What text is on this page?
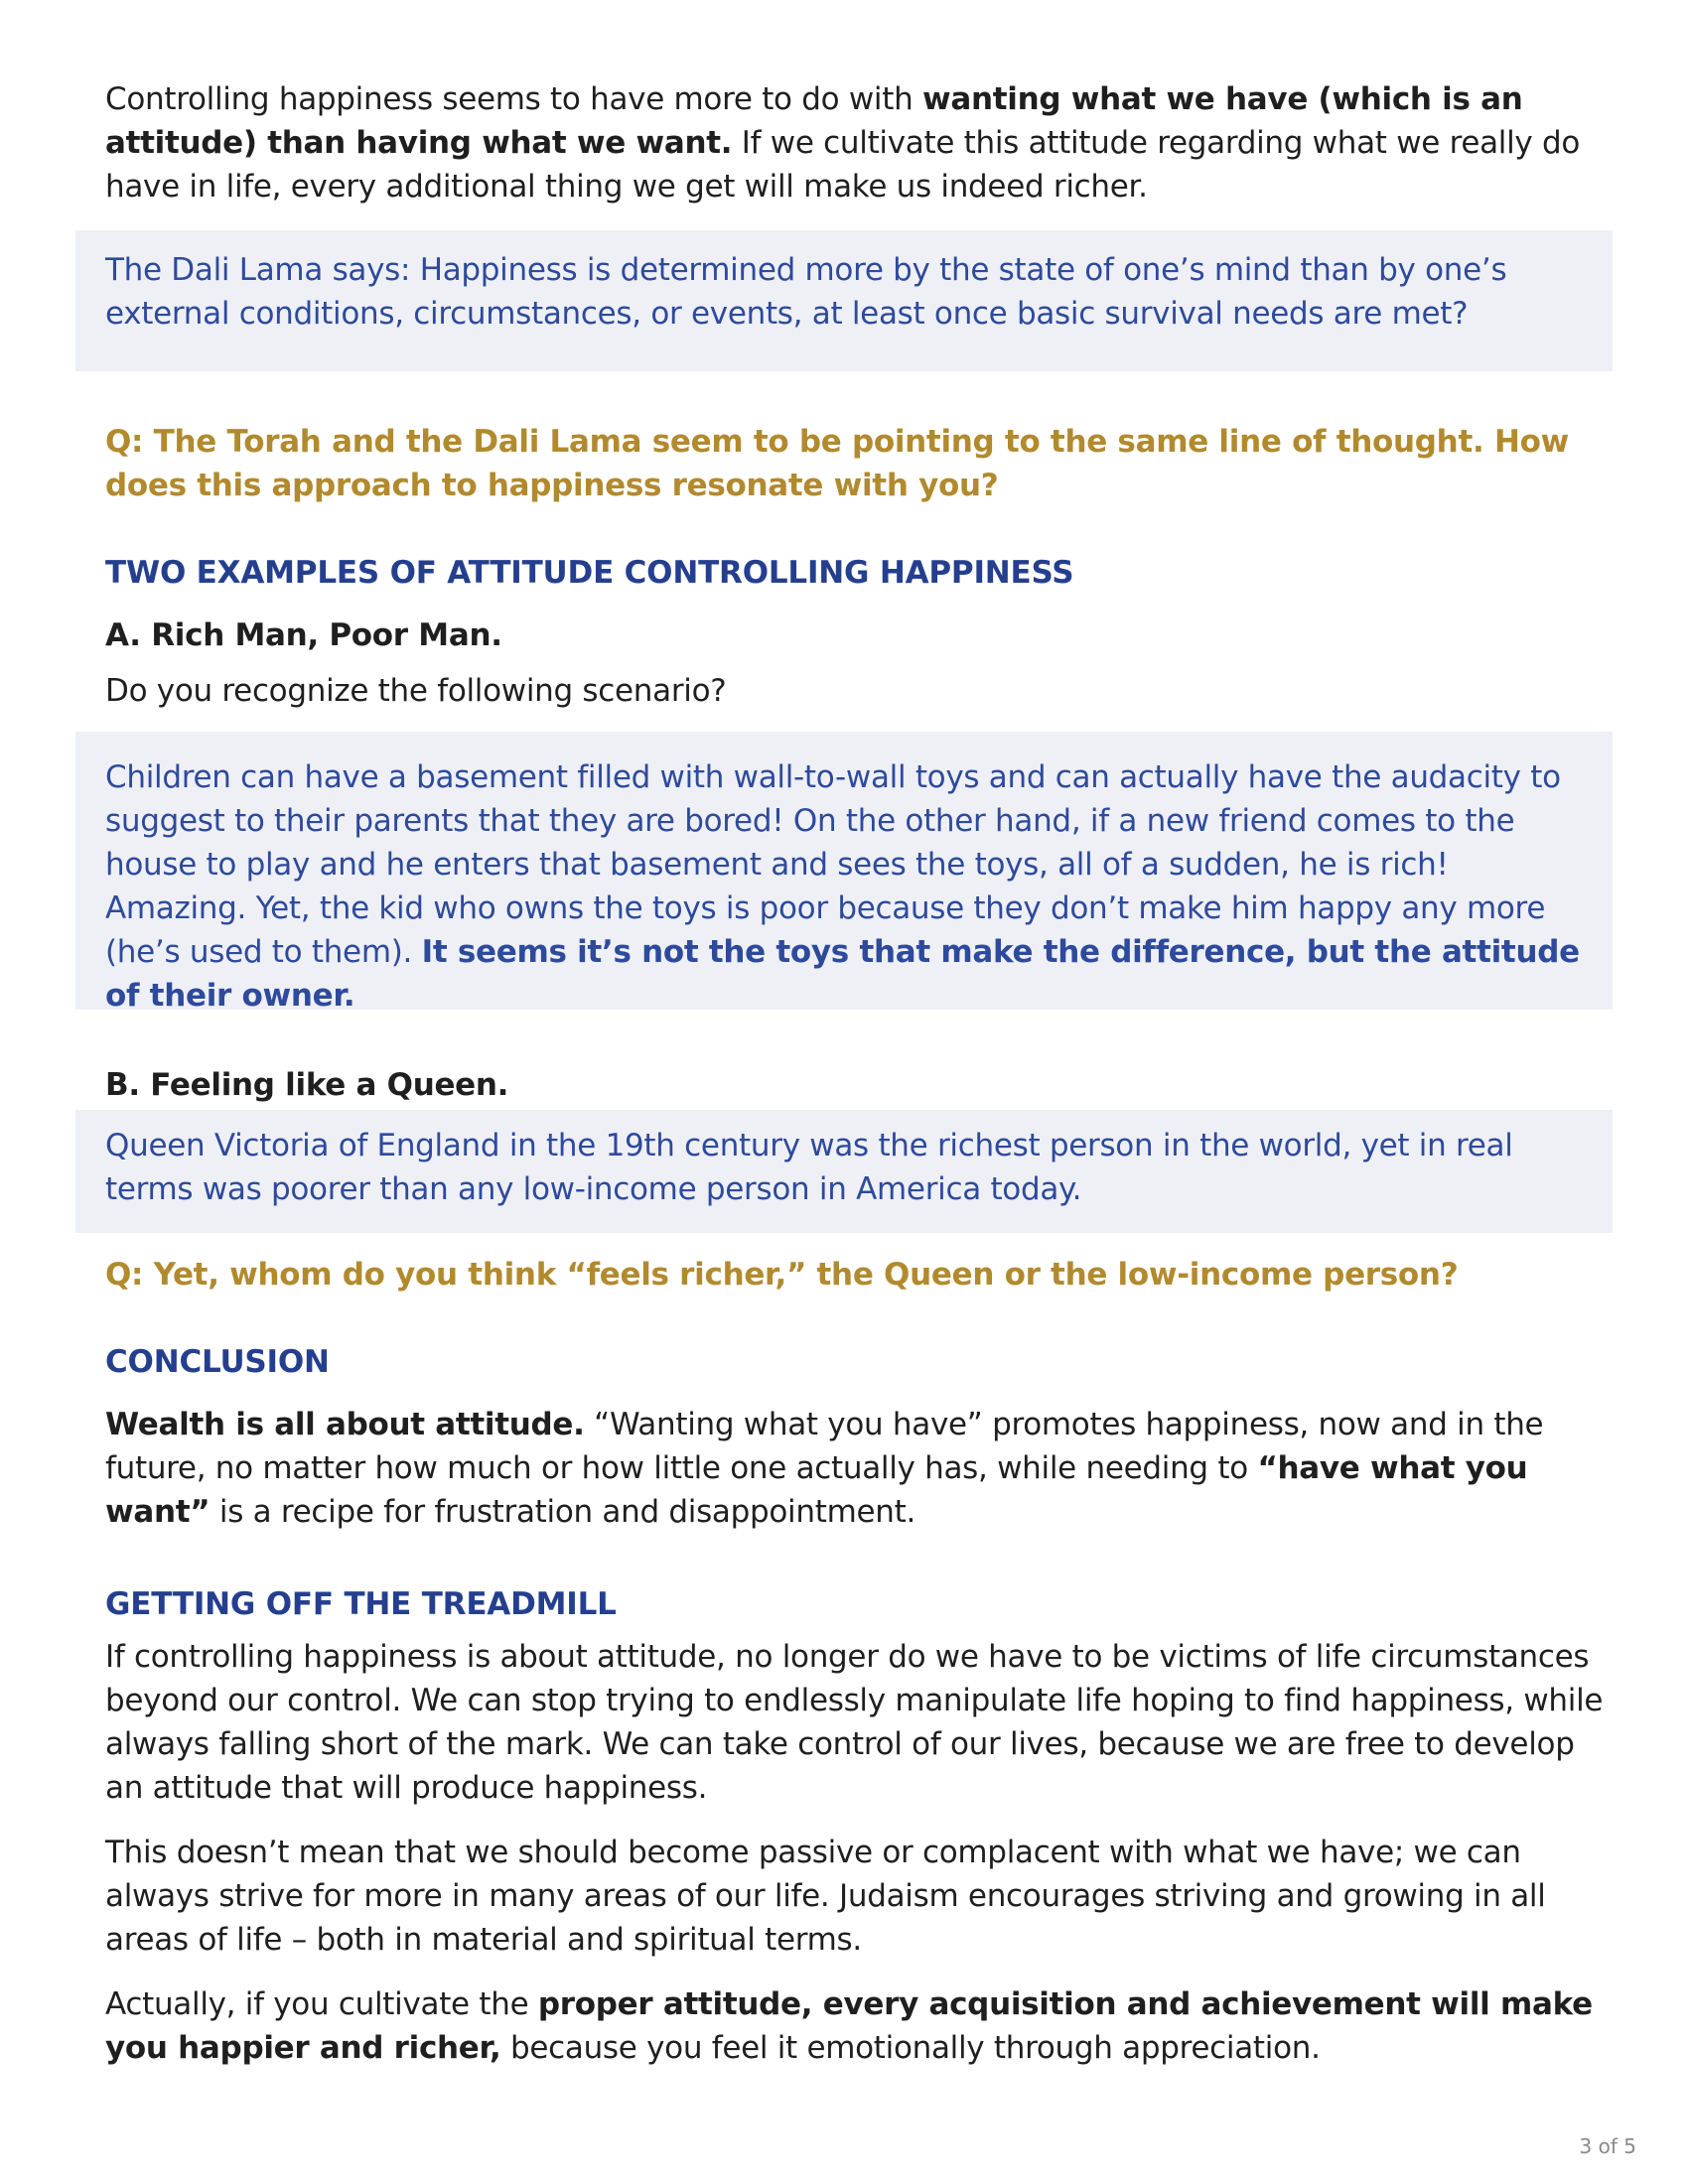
Controlling happiness seems to have more to do with wanting what we have (which is an attitude) than having what we want. If we cultivate this attitude regarding what we really do have in life, every additional thing we get will make us indeed richer.

The Dali Lama says: Happiness is determined more by the state of one’s mind than by one’s external conditions, circumstances, or events, at least once basic survival needs are met?

Q: The Torah and the Dali Lama seem to be pointing to the same line of thought. How does this approach to happiness resonate with you?

TWO EXAMPLES OF ATTITUDE CONTROLLING HAPPINESS

A. Rich Man, Poor Man.

Do you recognize the following scenario?

Children can have a basement filled with wall-to-wall toys and can actually have the audacity to suggest to their parents that they are bored! On the other hand, if a new friend comes to the house to play and he enters that basement and sees the toys, all of a sudden, he is rich! Amazing. Yet, the kid who owns the toys is poor because they don’t make him happy any more (he’s used to them). It seems it’s not the toys that make the difference, but the attitude of their owner.

B. Feeling like a Queen.

Queen Victoria of England in the 19th century was the richest person in the world, yet in real terms was poorer than any low-income person in America today.

Q: Yet, whom do you think “feels richer,” the Queen or the low-income person?

CONCLUSION

Wealth is all about attitude. “Wanting what you have” promotes happiness, now and in the future, no matter how much or how little one actually has, while needing to “have what you want” is a recipe for frustration and disappointment.

GETTING OFF THE TREADMILL

If controlling happiness is about attitude, no longer do we have to be victims of life circumstances beyond our control. We can stop trying to endlessly manipulate life hoping to find happiness, while always falling short of the mark. We can take control of our lives, because we are free to develop an attitude that will produce happiness.

This doesn’t mean that we should become passive or complacent with what we have; we can always strive for more in many areas of our life. Judaism encourages striving and growing in all areas of life – both in material and spiritual terms.

Actually, if you cultivate the proper attitude, every acquisition and achievement will make you happier and richer, because you feel it emotionally through appreciation.

3 of 5
